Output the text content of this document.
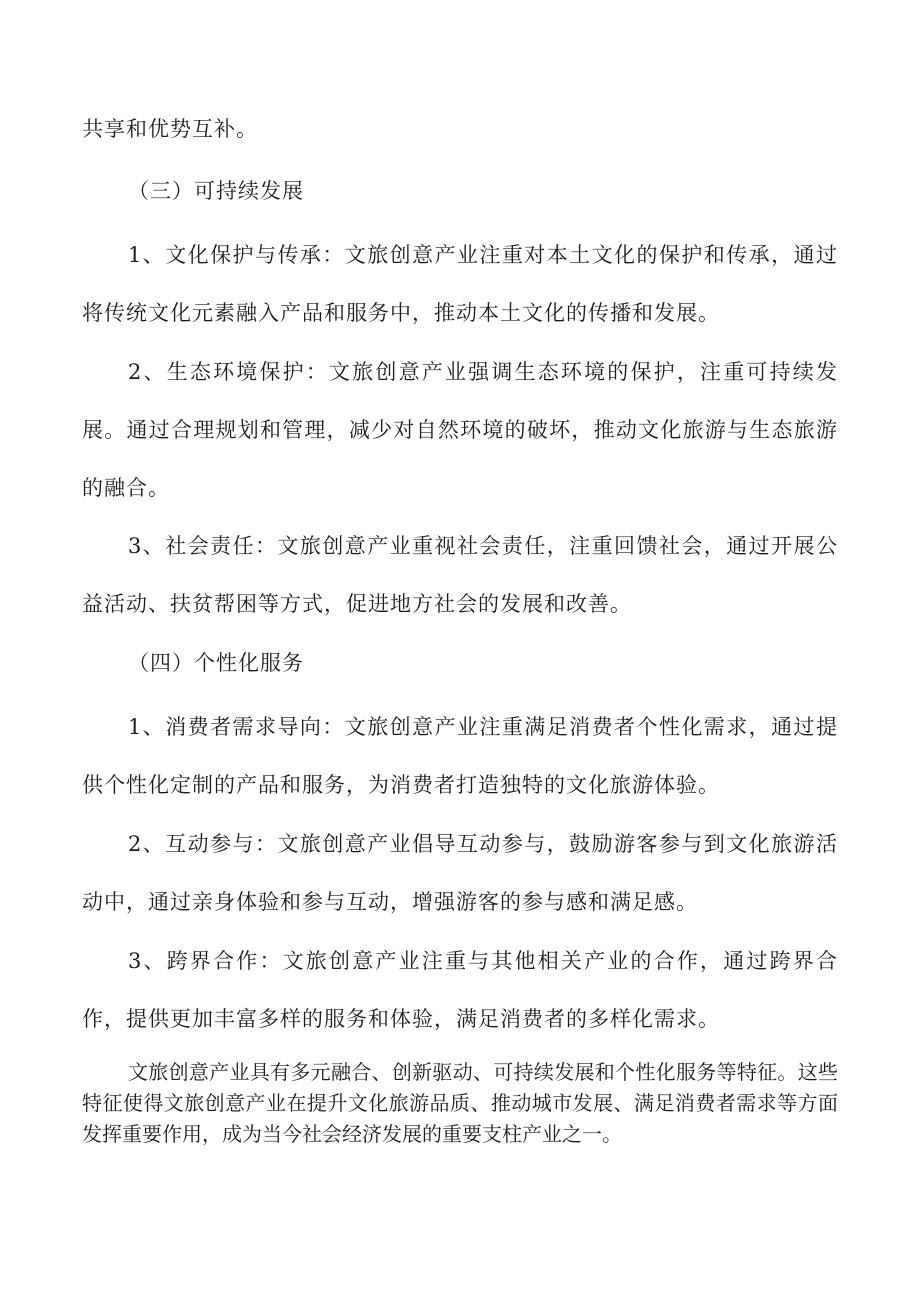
共享和优势互补。

（三）可持续发展

1、文化保护与传承：文旅创意产业注重对本土文化的保护和传承，通过将传统文化元素融入产品和服务中，推动本土文化的传播和发展。

2、生态环境保护：文旅创意产业强调生态环境的保护，注重可持续发展。通过合理规划和管理，减少对自然环境的破坏，推动文化旅游与生态旅游的融合。

3、社会责任：文旅创意产业重视社会责任，注重回馈社会，通过开展公益活动、扶贫帮困等方式，促进地方社会的发展和改善。

（四）个性化服务

1、消费者需求导向：文旅创意产业注重满足消费者个性化需求，通过提供个性化定制的产品和服务，为消费者打造独特的文化旅游体验。

2、互动参与：文旅创意产业倡导互动参与，鼓励游客参与到文化旅游活动中，通过亲身体验和参与互动，增强游客的参与感和满足感。

3、跨界合作：文旅创意产业注重与其他相关产业的合作，通过跨界合作，提供更加丰富多样的服务和体验，满足消费者的多样化需求。

文旅创意产业具有多元融合、创新驱动、可持续发展和个性化服务等特征。这些特征使得文旅创意产业在提升文化旅游品质、推动城市发展、满足消费者需求等方面发挥重要作用，成为当今社会经济发展的重要支柱产业之一。
